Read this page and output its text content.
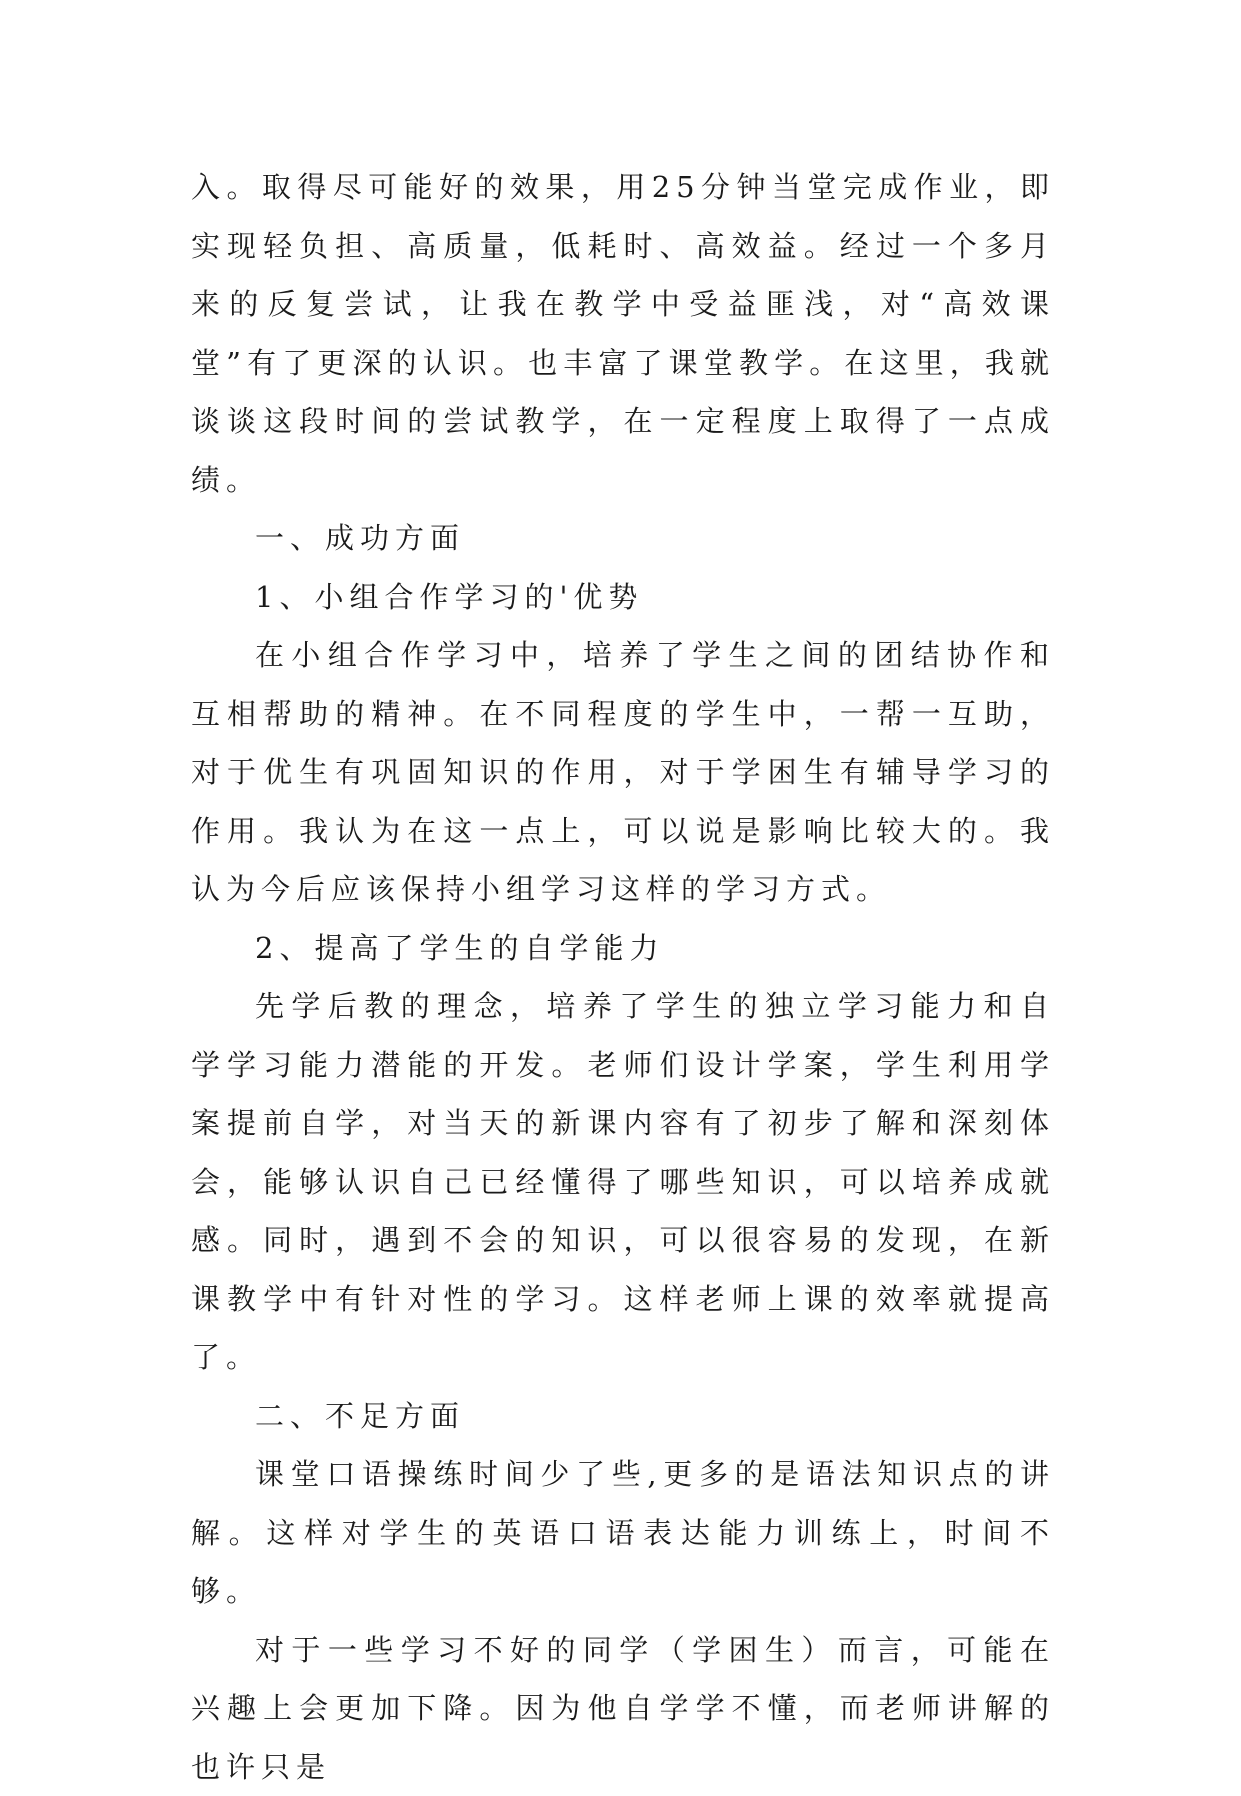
入。取得尽可能好的效果，用25分钟当堂完成作业，即实现轻负担、高质量，低耗时、高效益。经过一个多月来的反复尝试，让我在教学中受益匪浅，对“高效课堂”有了更深的认识。也丰富了课堂教学。在这里，我就谈谈这段时间的尝试教学，在一定程度上取得了一点成绩。

一、成功方面

1、小组合作学习的'优势

在小组合作学习中，培养了学生之间的团结协作和互相帮助的精神。在不同程度的学生中，一帮一互助，对于优生有巩固知识的作用，对于学困生有辅导学习的作用。我认为在这一点上，可以说是影响比较大的。我认为今后应该保持小组学习这样的学习方式。

2、提高了学生的自学能力

先学后教的理念，培养了学生的独立学习能力和自学学习能力潜能的开发。老师们设计学案，学生利用学案提前自学，对当天的新课内容有了初步了解和深刻体会，能够认识自己已经懂得了哪些知识，可以培养成就感。同时，遇到不会的知识，可以很容易的发现，在新课教学中有针对性的学习。这样老师上课的效率就提高了。

二、不足方面

课堂口语操练时间少了些,更多的是语法知识点的讲解。这样对学生的英语口语表达能力训练上，时间不够。

对于一些学习不好的同学（学困生）而言，可能在兴趣上会更加下降。因为他自学学不懂，而老师讲解的也许只是
